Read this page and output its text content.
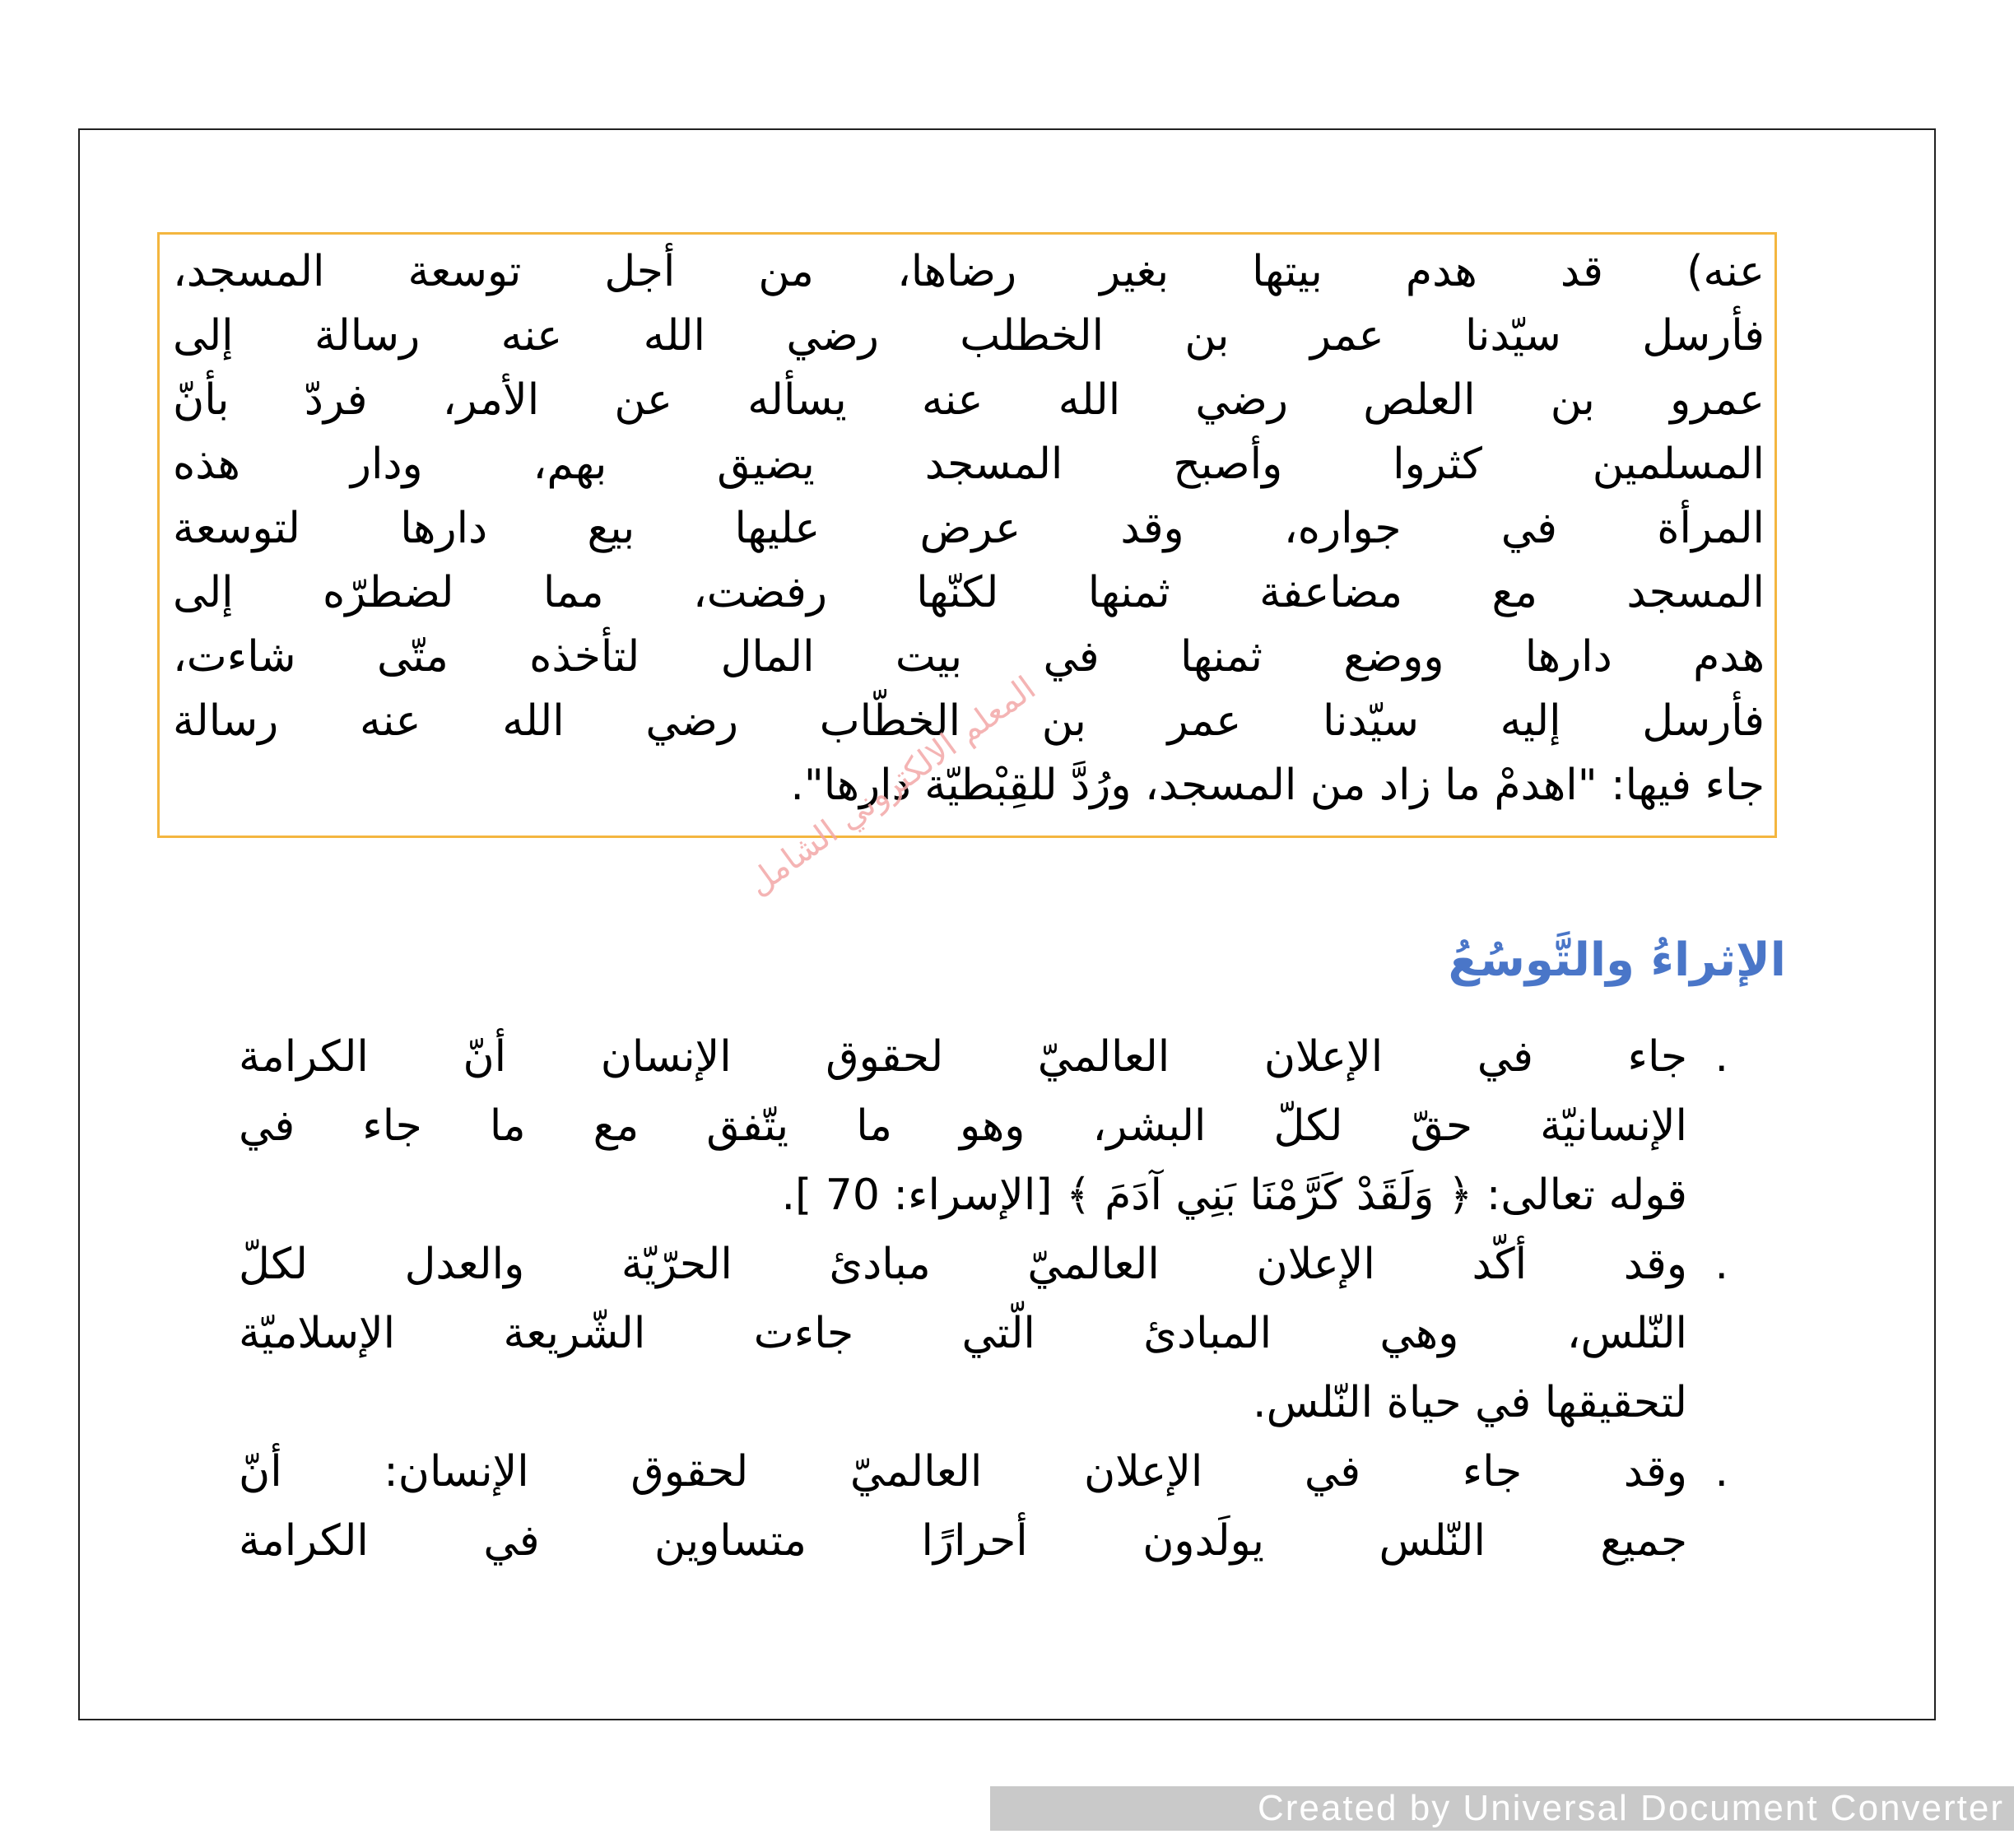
عنه) قد هدم بيتها بغير رضاها، من أجل توسعة المسجد،
فأرسل سيّدنا عمر بن الخطلب رضي الله عنه رسالة إلى
عمرو بن العلص رضي الله عنه يسأله عن الأمر، فردّ بأنّ
المسلمين كثروا وأصبح المسجد يضيق بهم، ودار هذه
المرأة في جواره، وقد عرض عليها بيع دارها لتوسعة
المسجد مع مضاعفة ثمنها لكنّها رفضت، مما لضطرّه إلى
هدم دارها ووضع ثمنها في بيت المال لتأخذه متّى شاءت،
فأرسل إليه سيّدنا عمر بن الخطّاب رضي الله عنه رسالة
جاء فيها: "اهدمْ ما زاد من المسجد، ورُدَّ للقِبْطيّة دارها".
المعلم الالكتروني الشامل
الإثراءُ والتَّوسُعُ
.
جاء في الإعلان العالميّ لحقوق الإنسان أنّ الكرامة
الإنسانيّة حقّ لكلّ البشر، وهو ما يتّفق مع ما جاء في
قوله تعالى: ﴿ وَلَقَدْ كَرَّمْنَا بَنِي آدَمَ ﴾ [الإسراء: 70 ].
.
وقد أكّد الإعلان العالميّ مبادئ الحرّيّة والعدل لكلّ
النّلس، وهي المبادئ الّتي جاءت الشّريعة الإسلاميّة
لتحقيقها في حياة النّلس.
.
وقد جاء في الإعلان العالميّ لحقوق الإنسان: أنّ
جميع النّلس يولَدون أحرارًا متساوين في الكرامة
Created by Universal Document Converter
